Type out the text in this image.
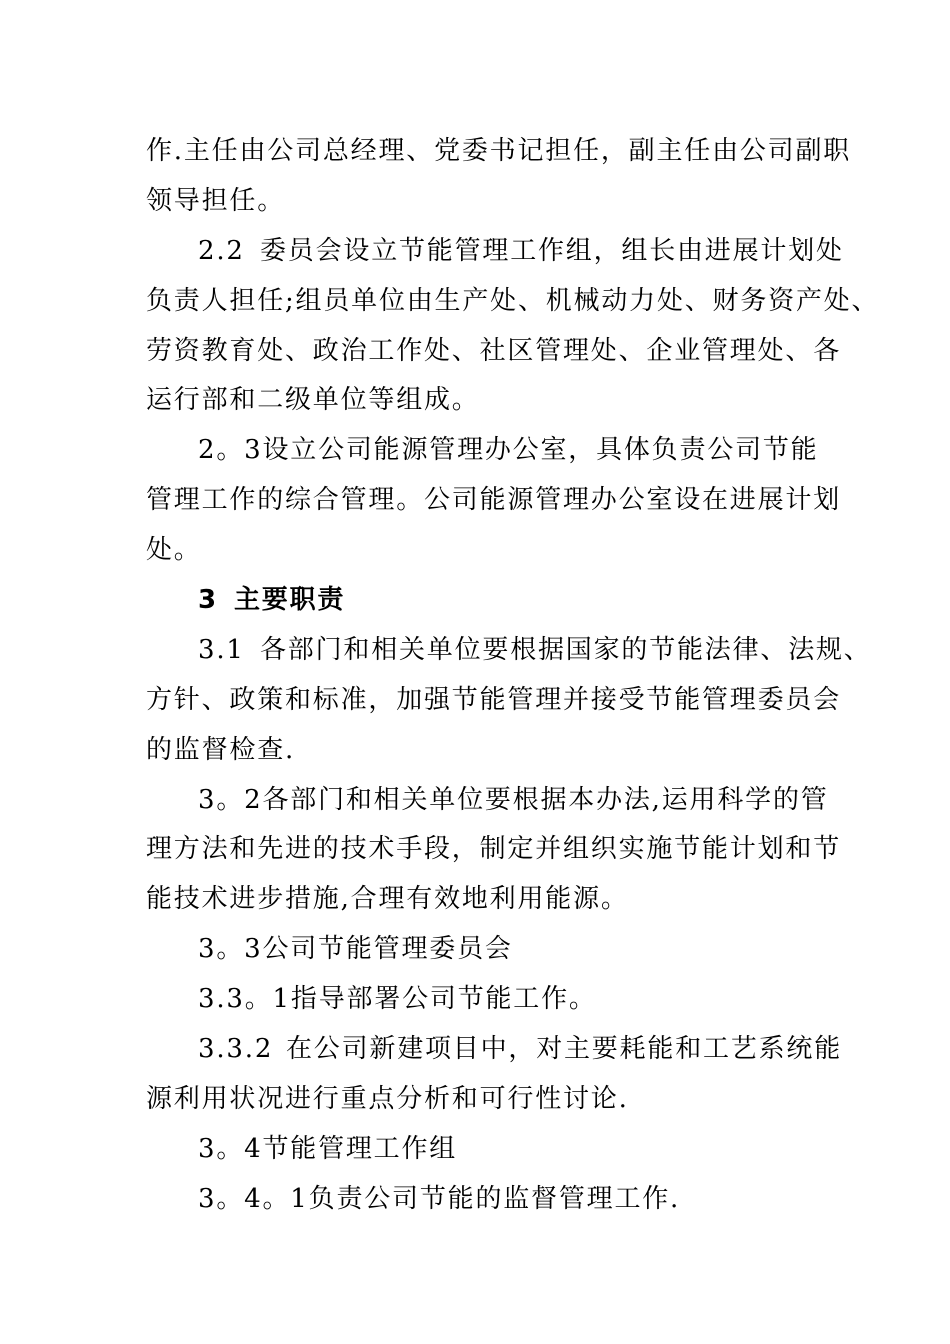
作.主任由公司总经理、党委书记担任，副主任由公司副职
领导担任。
2.2 委员会设立节能管理工作组，组长由进展计划处
负责人担任;组员单位由生产处、机械动力处、财务资产处、
劳资教育处、政治工作处、社区管理处、企业管理处、各
运行部和二级单位等组成。
2。3设立公司能源管理办公室，具体负责公司节能
管理工作的综合管理。公司能源管理办公室设在进展计划
处。
3 主要职责
3.1 各部门和相关单位要根据国家的节能法律、法规、
方针、政策和标准，加强节能管理并接受节能管理委员会
的监督检查.
3。2各部门和相关单位要根据本办法,运用科学的管
理方法和先进的技术手段，制定并组织实施节能计划和节
能技术进步措施,合理有效地利用能源。
3。3公司节能管理委员会
3.3。1指导部署公司节能工作。
3.3.2 在公司新建项目中，对主要耗能和工艺系统能
源利用状况进行重点分析和可行性讨论.
3。4节能管理工作组
3。4。1负责公司节能的监督管理工作.
